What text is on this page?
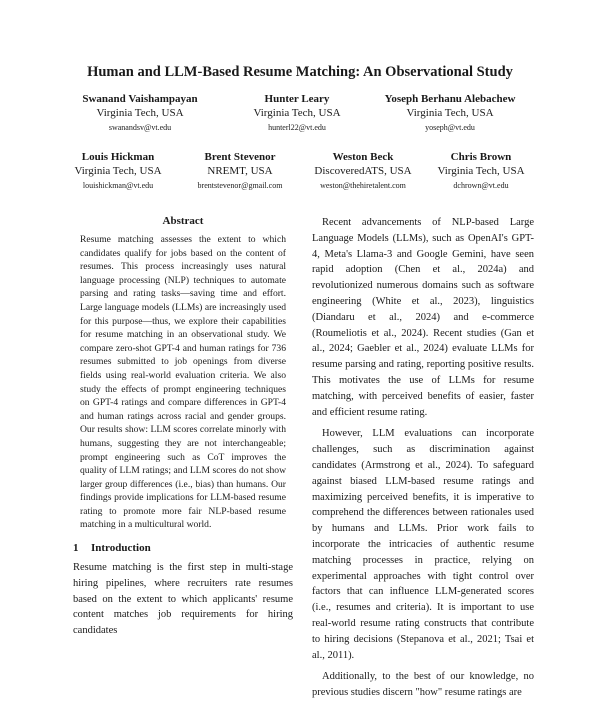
Human and LLM-Based Resume Matching: An Observational Study
Swanand Vaishampayan
Virginia Tech, USA
swanandsv@vt.edu
Hunter Leary
Virginia Tech, USA
hunterl22@vt.edu
Yoseph Berhanu Alebachew
Virginia Tech, USA
yoseph@vt.edu
Louis Hickman
Virginia Tech, USA
louishickman@vt.edu
Brent Stevenor
NREMT, USA
brentstevenor@gmail.com
Weston Beck
DiscoveredATS, USA
weston@thehiretalent.com
Chris Brown
Virginia Tech, USA
dchrown@vt.edu
Abstract
Resume matching assesses the extent to which candidates qualify for jobs based on the content of resumes. This process increasingly uses natural language processing (NLP) techniques to automate parsing and rating tasks—saving time and effort. Large language models (LLMs) are increasingly used for this purpose—thus, we explore their capabilities for resume matching in an observational study. We compare zero-shot GPT-4 and human ratings for 736 resumes submitted to job openings from diverse fields using real-world evaluation criteria. We also study the effects of prompt engineering techniques on GPT-4 ratings and compare differences in GPT-4 and human ratings across racial and gender groups. Our results show: LLM scores correlate minorly with humans, suggesting they are not interchangeable; prompt engineering such as CoT improves the quality of LLM ratings; and LLM scores do not show larger group differences (i.e., bias) than humans. Our findings provide implications for LLM-based resume rating to promote more fair NLP-based resume matching in a multicultural world.
1 Introduction
Resume matching is the first step in multi-stage hiring pipelines, where recruiters rate resumes based on the extent to which applicants' resume content matches job requirements for hiring candidates
Recent advancements of NLP-based Large Language Models (LLMs), such as OpenAI's GPT-4, Meta's Llama-3 and Google Gemini, have seen rapid adoption (Chen et al., 2024a) and revolutionized numerous domains such as software engineering (White et al., 2023), linguistics (Diandaru et al., 2024) and e-commerce (Roumeliotis et al., 2024). Recent studies (Gan et al., 2024; Gaebler et al., 2024) evaluate LLMs for resume parsing and rating, reporting positive results. This motivates the use of LLMs for resume matching, with perceived benefits of easier, faster and efficient resume rating.
However, LLM evaluations can incorporate challenges, such as discrimination against candidates (Armstrong et al., 2024). To safeguard against biased LLM-based resume ratings and maximizing perceived benefits, it is imperative to comprehend the differences between rationales used by humans and LLMs. Prior work fails to incorporate the intricacies of authentic resume matching processes in practice, relying on experimental approaches with tight control over factors that can influence LLM-generated scores (i.e., resumes and criteria). It is important to use real-world resume rating constructs that contribute to hiring decisions (Stepanova et al., 2021; Tsai et al., 2011).
Additionally, to the best of our knowledge, no previous studies discern "how" resume ratings are
